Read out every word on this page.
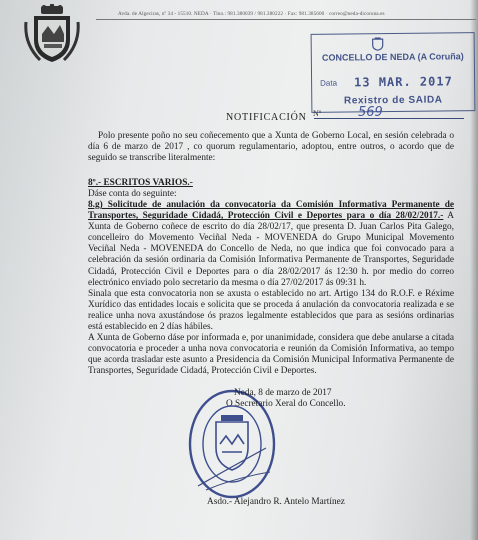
Avda. de Algeciras, nº 34 - 15510. NEDA · Tlno.: 981.380039 / 981.380222 · Fax: 981.385600 · correo@neda-dicoruna.es
CONCELLO DE NEDA (A Coruña)
Data 13 MAR. 2017
Rexistro de SAIDA
NOTIFICACIÓN Nº	569

Polo presente poño no seu coñecemento que a Xunta de Goberno Local, en sesión celebrada o día 6 de marzo de 2017 , co quorum regulamentario, adoptou, entre outros, o acordo que de seguido se transcribe literalmente:

8º.- ESCRITOS VARIOS.-

Dáse conta do seguinte:

8.g) Solicitude de anulación da convocatoria da Comisión Informativa Permanente de Transportes, Seguridade Cidadá, Protección Civil e Deportes para o día 28/02/2017.- A Xunta de Goberno coñece de escrito do día 28/02/17, que presenta D. Juan Carlos Pita Galego, concelleiro do Movemento Veciñal Neda - MOVENEDA do Grupo Municipal Movemento Veciñal Neda - MOVENEDA do Concello de Neda, no que indica que foi convocado para a celebración da sesión ordinaria da Comisión Informativa Permanente de Transportes, Seguridade Cidadá, Protección Civil e Deportes para o día 28/02/2017 ás 12:30 h. por medio do correo electrónico enviado polo secretario da mesma o día 27/02/2017 ás 09:31 h.

Sinala que esta convocatoria non se axusta o establecido no art. Artigo 134 do R.O.F. e Réxime Xurídico das entidades locais e solicita que se proceda á anulación da convocatoria realizada e se realice unha nova axustándose ós prazos legalmente establecidos que para as sesións ordinarias está establecido en 2 días hábiles.

A Xunta de Goberno dáse por informada e, por unanimidade, considera que debe anularse a citada convocatoria e proceder a unha nova convocatoria e reunión da Comisión Informativa, ao tempo que acorda trasladar este asunto a Presidencia da Comisión Municipal Informativa Permanente de Transportes, Seguridade Cidadá, Protección Civil e Deportes.

Neda, 8 de marzo de 2017
O Secretario Xeral do Concello.
Asdo.- Alejandro R. Antelo Martínez
